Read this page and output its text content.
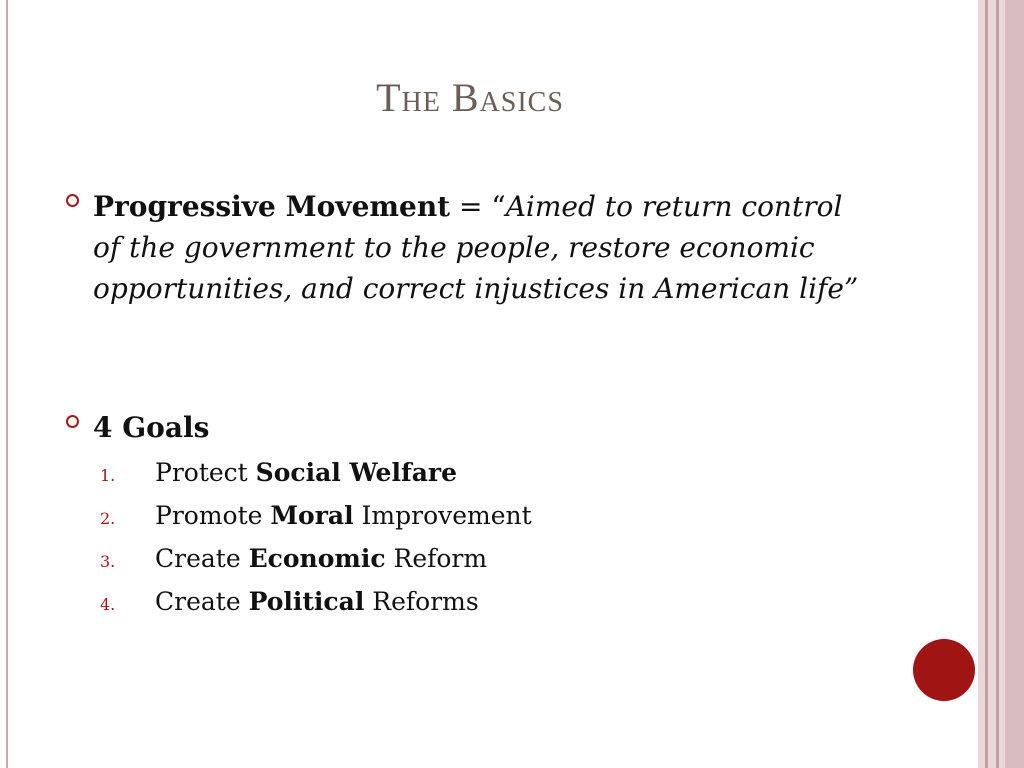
The Basics
Progressive Movement = “Aimed to return control of the government to the people, restore economic opportunities, and correct injustices in American life”
4 Goals
1.	Protect Social Welfare
2.	Promote Moral Improvement
3.	Create Economic Reform
4.	Create Political Reforms
